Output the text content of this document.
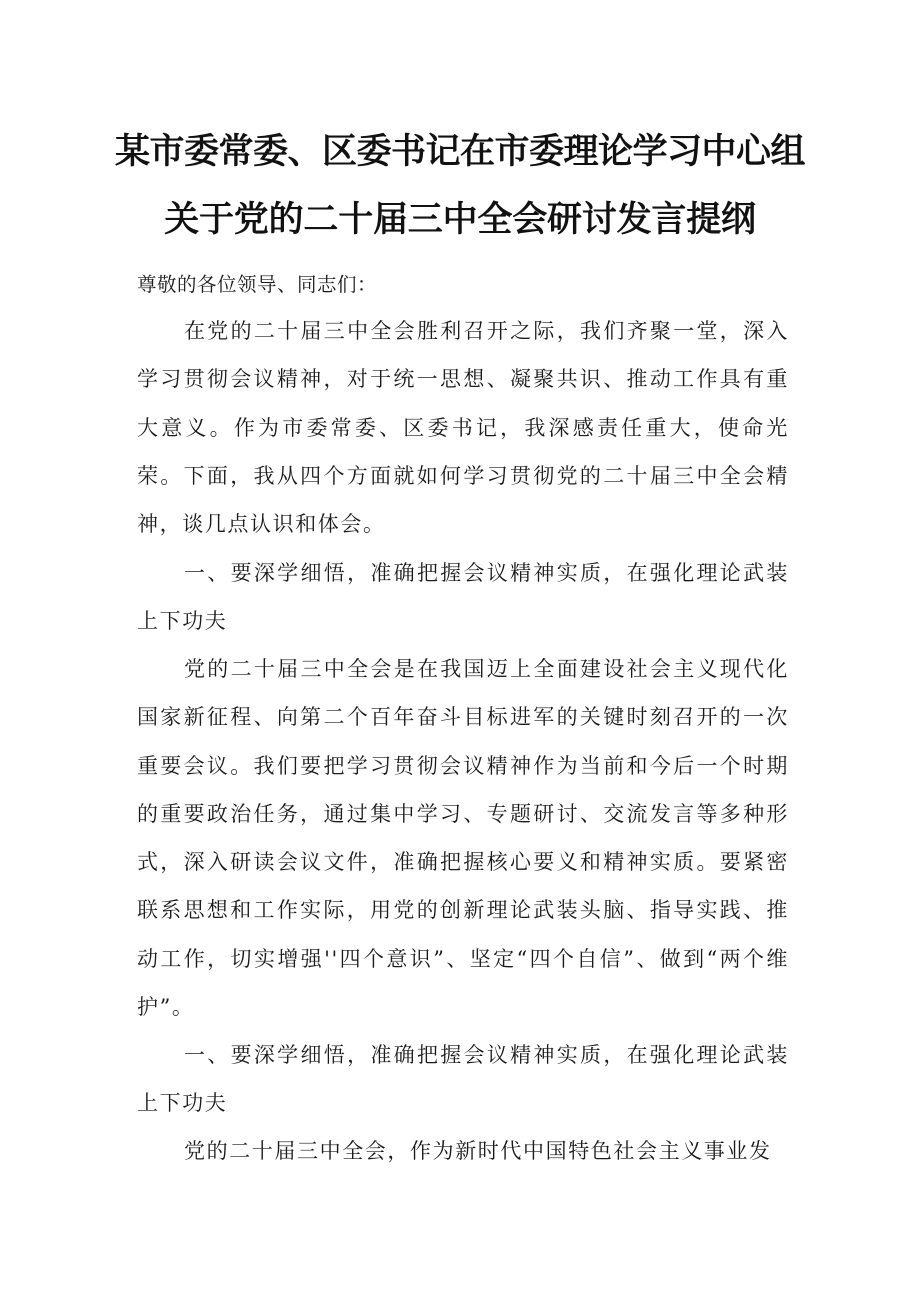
某市委常委、区委书记在市委理论学习中心组
关于党的二十届三中全会研讨发言提纲
尊敬的各位领导、同志们：

在党的二十届三中全会胜利召开之际，我们齐聚一堂，深入学习贯彻会议精神，对于统一思想、凝聚共识、推动工作具有重大意义。作为市委常委、区委书记，我深感责任重大，使命光荣。下面，我从四个方面就如何学习贯彻党的二十届三中全会精神，谈几点认识和体会。

一、要深学细悟，准确把握会议精神实质，在强化理论武装上下功夫

党的二十届三中全会是在我国迈上全面建设社会主义现代化国家新征程、向第二个百年奋斗目标进军的关键时刻召开的一次重要会议。我们要把学习贯彻会议精神作为当前和今后一个时期的重要政治任务，通过集中学习、专题研讨、交流发言等多种形式，深入研读会议文件，准确把握核心要义和精神实质。要紧密联系思想和工作实际，用党的创新理论武装头脑、指导实践、推动工作，切实增强''四个意识”、坚定“四个自信”、做到“两个维护”。

一、要深学细悟，准确把握会议精神实质，在强化理论武装上下功夫

党的二十届三中全会，作为新时代中国特色社会主义事业发
